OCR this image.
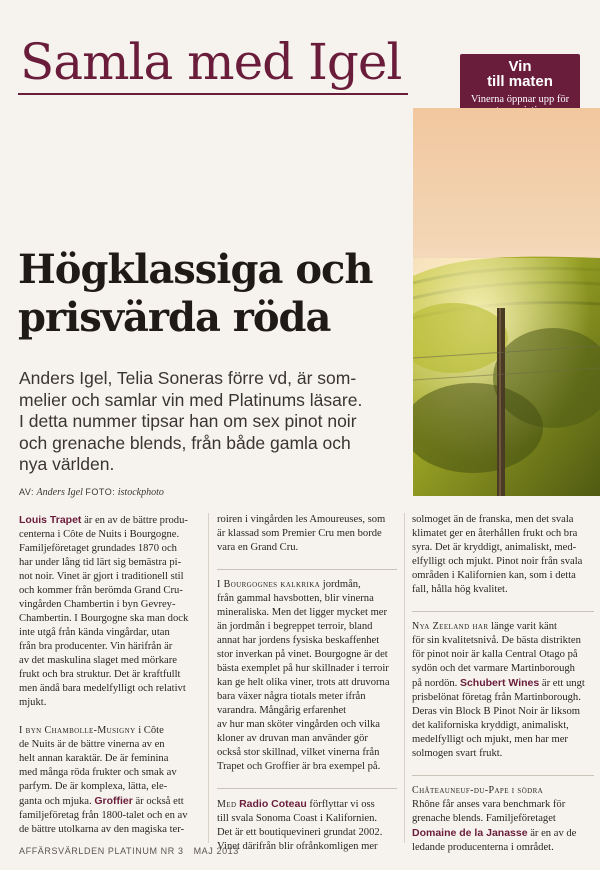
Samla med Igel	Vin
till maten
Vinerna öppnar upp för
Högklassiga och
prisvärda röda
Anders Igel, Telia Soneras förre vd, är som-
melier och samlar vin med Platinums läsare.
I detta nummer tipsar han om sex pinot noir
och grenache blends, från både gamla och
nya världen.
AV: Anders Igel FOTO: istockphoto
Louis Trapet är en av de bättre produ-
centerna i Côte de Nuits i Bourgogne.
Familjeföretaget grundades 1870 och
har under lång tid lärt sig bemästra pi-
not noir. Vinet är gjort i traditionell stil
och kommer från berömda Grand Cru-
vingården Chambertin i byn Gevrey-
Chambertin. I Bourgogne ska man dock
inte utgå från kända vingårdar, utan
från bra producenter. Vin härifrån är
av det maskulina slaget med mörkare
frukt och bra struktur. Det är kraftfullt
men ändå bara medelfylligt och relativt
mjukt.
I byn Chambolle-Musigny i Côte
de Nuits är de bättre vinerna av en
helt annan karaktär. De är feminina
med många röda frukter och smak av
parfym. De är komplexa, lätta, ele-
ganta och mjuka. Groffier är också ett
familjeföretag från 1800-talet och en av
de bättre utolkarna av den magiska ter-
roiren i vingården les Amoureuses, som
är klassad som Premier Cru men borde
vara en Grand Cru.
I Bourgognes kalkrika jordmån,
från gammal havsbotten, blir vinerna
mineraliska. Men det ligger mycket mer
än jordmån i begreppet terroir, bland
annat har jordens fysiska beskaffenhet
stor inverkan på vinet. Bourgogne är det
bästa exemplet på hur skillnader i terroir
kan ge helt olika viner, trots att druvorna
bara växer några tiotals meter ifrån
varandra. Mångårig erfarenhet
av hur man sköter vingården och vilka
kloner av druvan man använder gör
också stor skillnad, vilket vinerna från
Trapet och Groffier är bra exempel på.
Med Radio Coteau förflyttar vi oss
till svala Sonoma Coast i Kalifornien.
Det är ett boutiquevineri grundat 2002.
Vinet därifrån blir ofrånkomligen mer
solmoget än de franska, men det svala
klimatet ger en återhållen frukt och bra
syra. Det är kryddigt, animaliskt, med-
elfylligt och mjukt. Pinot noir från svala
områden i Kalifornien kan, som i detta
fall, hålla hög kvalitet.
Nya Zeeland har länge varit känt
för sin kvalitetsnivå. De bästa distrikten
för pinot noir är kalla Central Otago på
sydön och det varmare Martinborough
på nordön. Schubert Wines är ett ungt
prisbelönat företag från Martinborough.
Deras vin Block B Pinot Noir är liksom
det kaliforniska kryddigt, animaliskt,
medelfylligt och mjukt, men har mer
solmogen svart frukt.
Châteauneuf-du-Pape i södra
Rhône får anses vara benchmark för
grenache blends. Familjeföretaget
Domaine de la Janasse är en av de
ledande producenterna i området.
AFFÄRSVÄRLDEN PLATINUM NR 3 MAJ 2013
